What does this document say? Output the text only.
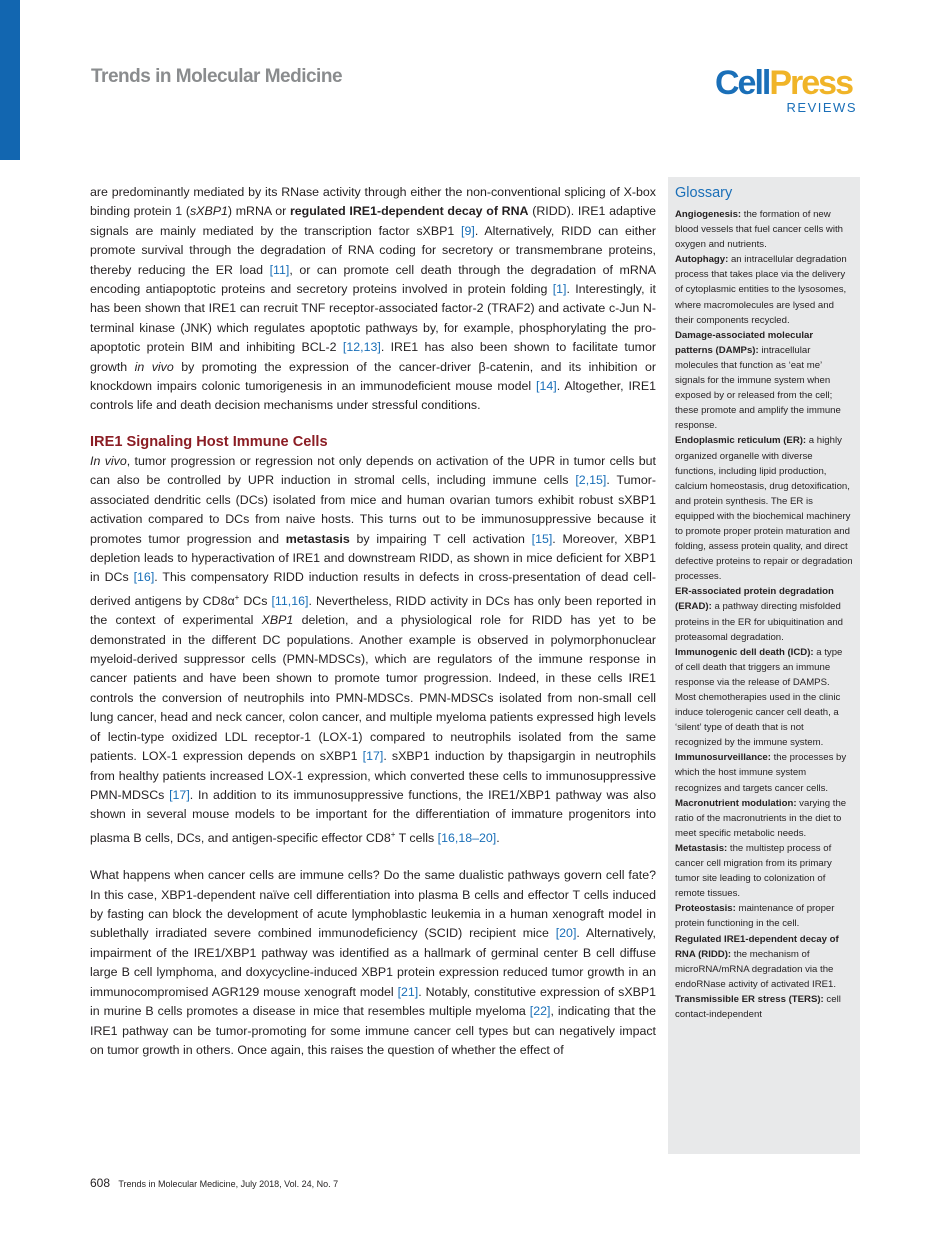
Trends in Molecular Medicine	CellPress
REVIEWS

are predominantly mediated by its RNase activity through either the non-conventional splicing of X-box binding protein 1 (sXBP1) mRNA or regulated IRE1-dependent decay of RNA (RIDD). IRE1 adaptive signals are mainly mediated by the transcription factor sXBP1 [9]. Alternatively, RIDD can either promote survival through the degradation of RNA coding for secretory or transmembrane proteins, thereby reducing the ER load [11], or can promote cell death through the degradation of mRNA encoding antiapoptotic proteins and secretory proteins involved in protein folding [1]. Interestingly, it has been shown that IRE1 can recruit TNF receptor-associated factor-2 (TRAF2) and activate c-Jun N-terminal kinase (JNK) which regulates apoptotic pathways by, for example, phosphorylating the pro-apoptotic protein BIM and inhibiting BCL-2 [12,13]. IRE1 has also been shown to facilitate tumor growth in vivo by promoting the expression of the cancer-driver β-catenin, and its inhibition or knockdown impairs colonic tumorigenesis in an immunodeficient mouse model [14]. Altogether, IRE1 controls life and death decision mechanisms under stressful conditions.

IRE1 Signaling Host Immune Cells

In vivo, tumor progression or regression not only depends on activation of the UPR in tumor cells but can also be controlled by UPR induction in stromal cells, including immune cells [2,15]. Tumor-associated dendritic cells (DCs) isolated from mice and human ovarian tumors exhibit robust sXBP1 activation compared to DCs from naive hosts. This turns out to be immunosuppressive because it promotes tumor progression and metastasis by impairing T cell activation [15]. Moreover, XBP1 depletion leads to hyperactivation of IRE1 and downstream RIDD, as shown in mice deficient for XBP1 in DCs [16]. This compensatory RIDD induction results in defects in cross-presentation of dead cell-derived antigens by CD8α+ DCs [11,16]. Nevertheless, RIDD activity in DCs has only been reported in the context of experimental XBP1 deletion, and a physiological role for RIDD has yet to be demonstrated in the different DC populations. Another example is observed in polymorphonuclear myeloid-derived suppressor cells (PMN-MDSCs), which are regulators of the immune response in cancer patients and have been shown to promote tumor progression. Indeed, in these cells IRE1 controls the conversion of neutrophils into PMN-MDSCs. PMN-MDSCs isolated from non-small cell lung cancer, head and neck cancer, colon cancer, and multiple myeloma patients expressed high levels of lectin-type oxidized LDL receptor-1 (LOX-1) compared to neutrophils isolated from the same patients. LOX-1 expression depends on sXBP1 [17]. sXBP1 induction by thapsigargin in neutrophils from healthy patients increased LOX-1 expression, which converted these cells to immunosuppressive PMN-MDSCs [17]. In addition to its immunosuppressive functions, the IRE1/XBP1 pathway was also shown in several mouse models to be important for the differentiation of immature progenitors into plasma B cells, DCs, and antigen-specific effector CD8+ T cells [16,18–20].

What happens when cancer cells are immune cells? Do the same dualistic pathways govern cell fate? In this case, XBP1-dependent naïve cell differentiation into plasma B cells and effector T cells induced by fasting can block the development of acute lymphoblastic leukemia in a human xenograft model in sublethally irradiated severe combined immunodeficiency (SCID) recipient mice [20]. Alternatively, impairment of the IRE1/XBP1 pathway was identified as a hallmark of germinal center B cell diffuse large B cell lymphoma, and doxycycline-induced XBP1 protein expression reduced tumor growth in an immunocompromised AGR129 mouse xenograft model [21]. Notably, constitutive expression of sXBP1 in murine B cells promotes a disease in mice that resembles multiple myeloma [22], indicating that the IRE1 pathway can be tumor-promoting for some immune cancer cell types but can negatively impact on tumor growth in others. Once again, this raises the question of whether the effect of

Glossary
Angiogenesis: the formation of new blood vessels that fuel cancer cells with oxygen and nutrients.
Autophagy: an intracellular degradation process that takes place via the delivery of cytoplasmic entities to the lysosomes, where macromolecules are lysed and their components recycled.
Damage-associated molecular patterns (DAMPs): intracellular molecules that function as ‘eat me’ signals for the immune system when exposed by or released from the cell; these promote and amplify the immune response.
Endoplasmic reticulum (ER): a highly organized organelle with diverse functions, including lipid production, calcium homeostasis, drug detoxification, and protein synthesis. The ER is equipped with the biochemical machinery to promote proper protein maturation and folding, assess protein quality, and direct defective proteins to repair or degradation processes.
ER-associated protein degradation (ERAD): a pathway directing misfolded proteins in the ER for ubiquitination and proteasomal degradation.
Immunogenic dell death (ICD): a type of cell death that triggers an immune response via the release of DAMPS. Most chemotherapies used in the clinic induce tolerogenic cancer cell death, a ‘silent’ type of death that is not recognized by the immune system.
Immunosurveillance: the processes by which the host immune system recognizes and targets cancer cells.
Macronutrient modulation: varying the ratio of the macronutrients in the diet to meet specific metabolic needs.
Metastasis: the multistep process of cancer cell migration from its primary tumor site leading to colonization of remote tissues.
Proteostasis: maintenance of proper protein functioning in the cell.
Regulated IRE1-dependent decay of RNA (RIDD): the mechanism of microRNA/mRNA degradation via the endoRNase activity of activated IRE1.
Transmissible ER stress (TERS): cell contact-independent
608 Trends in Molecular Medicine, July 2018, Vol. 24, No. 7
